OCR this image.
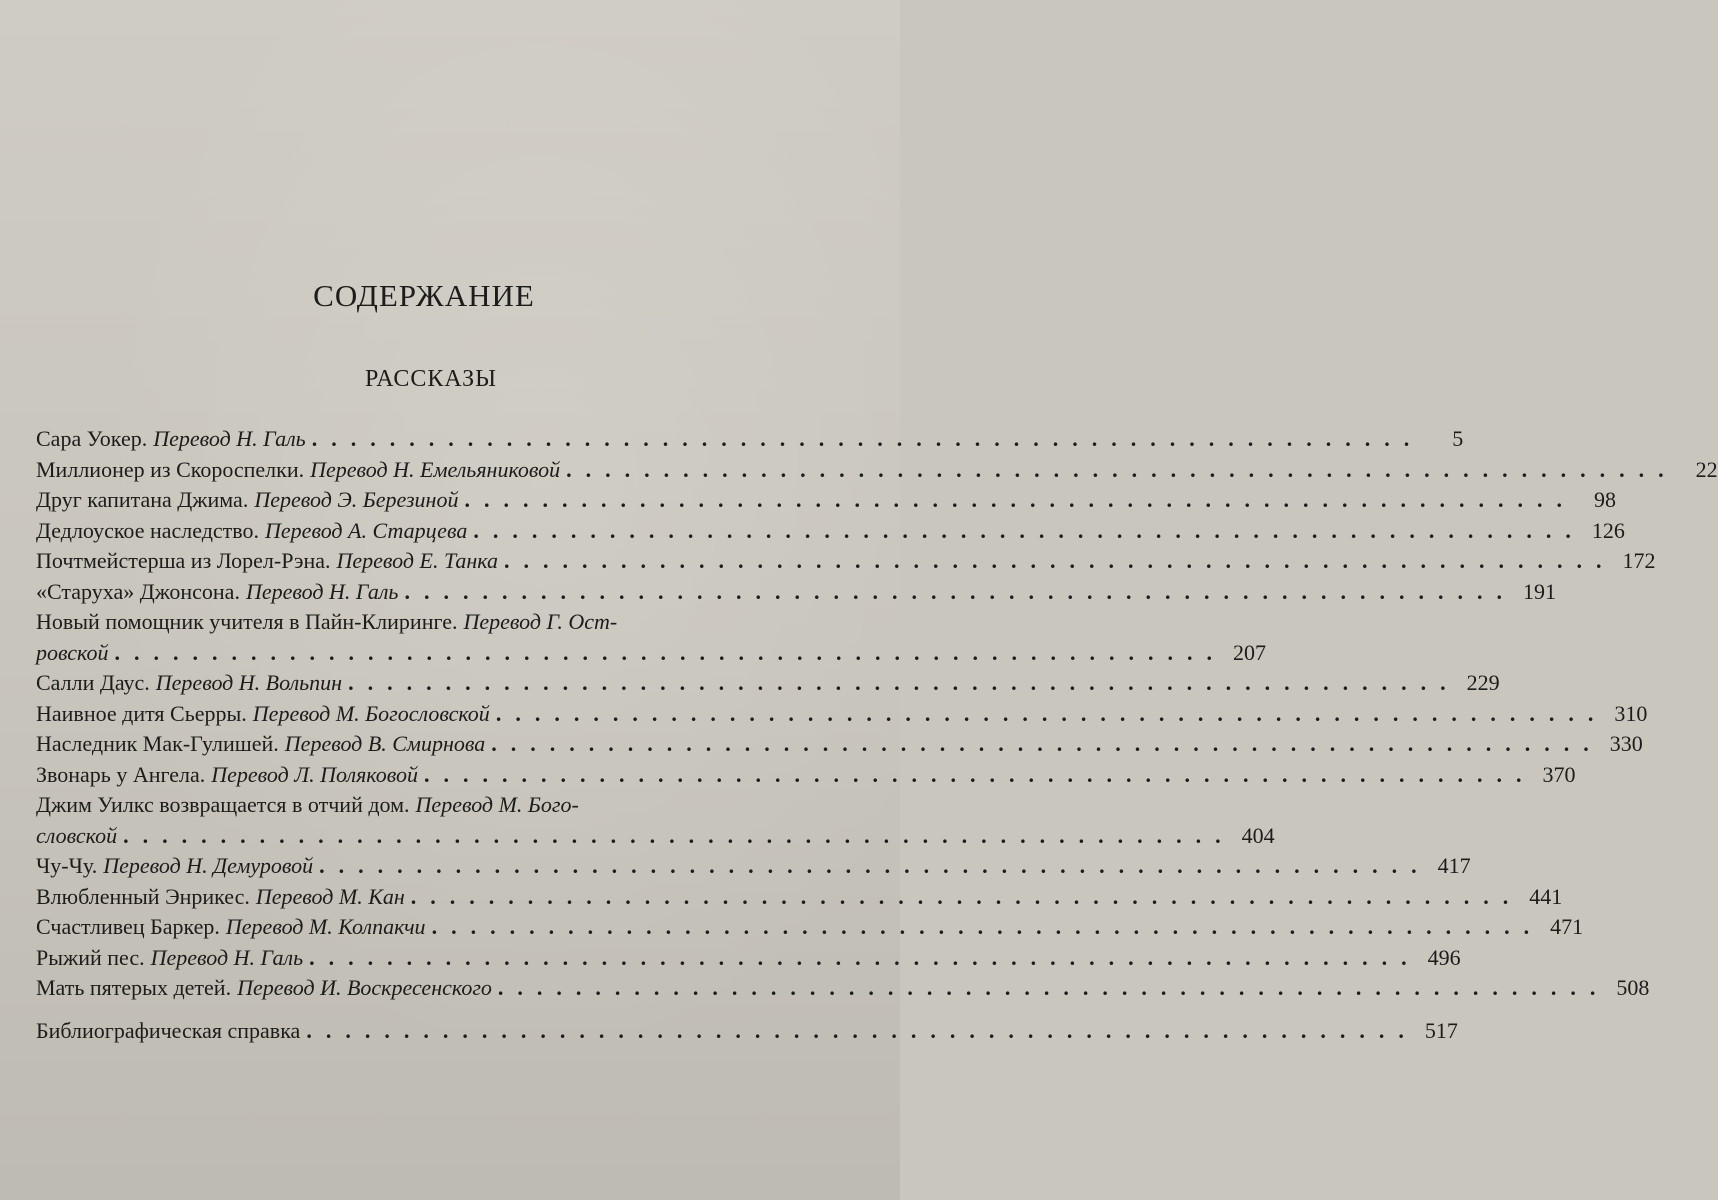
СОДЕРЖАНИЕ
РАССКАЗЫ
Сара Уокер. Перевод Н. Галь .........................................................	5
Миллионер из Скороспелки. Перевод Н. Емельяниковой ......................................................... 22
Друг капитана Джима. Перевод Э. Березиной ......................................................... 98
Дедлоуское наследство. Перевод А. Старцева ......................................................... 126
Почтмейстерша из Лорел-Рэна. Перевод Е. Танка ......................................................... 172
«Старуха» Джонсона. Перевод Н. Галь ......................................................... 191
Новый помощник учителя в Пайн-Клиринге. Перевод Г. Ост-
ровской ......................................................... 207
Салли Даус. Перевод Н. Вольпин ......................................................... 229
Наивное дитя Сьерры. Перевод М. Богословской ......................................................... 310
Наследник Мак-Гулишей. Перевод В. Смирнова ......................................................... 330
Звонарь у Ангела. Перевод Л. Поляковой ......................................................... 370
Джим Уилкс возвращается в отчий дом. Перевод М. Бого-
словской ......................................................... 404
Чу-Чу. Перевод Н. Демуровой ......................................................... 417
Влюбленный Энрикес. Перевод М. Кан ......................................................... 441
Счастливец Баркер. Перевод М. Колпакчи ......................................................... 471
Рыжий пес. Перевод Н. Галь ......................................................... 496
Мать пятерых детей. Перевод И. Воскресенского ......................................................... 508
Библиографическая справка ......................................................... 517
